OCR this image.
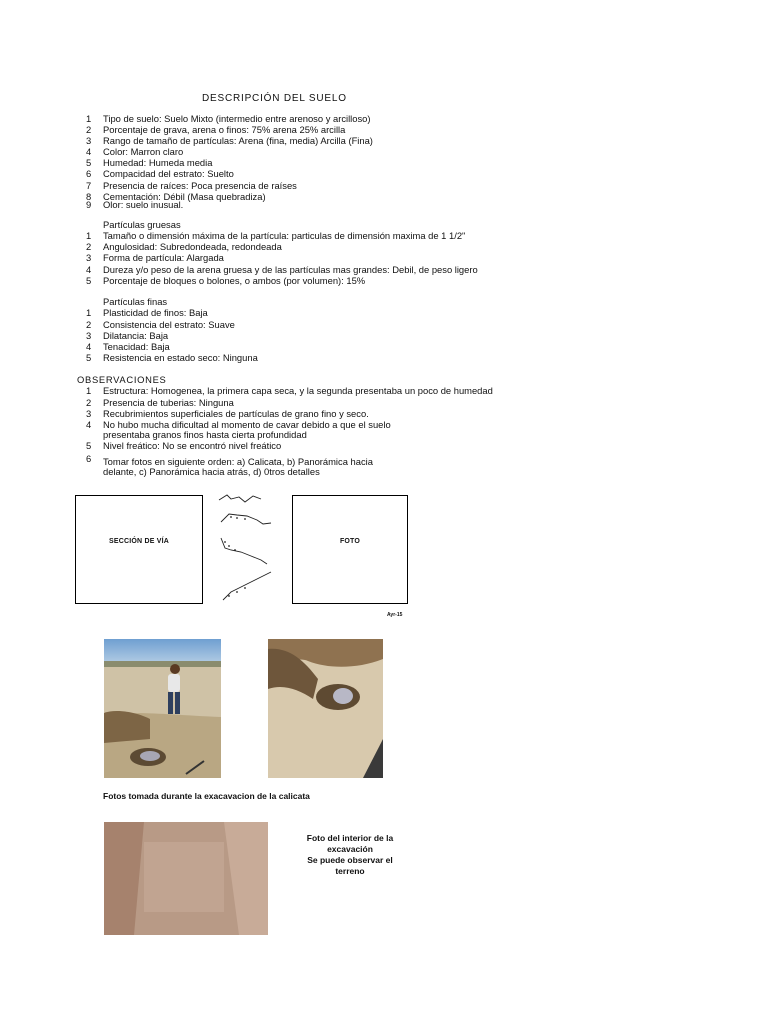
DESCRIPCIÓN DEL SUELO
1	Tipo de suelo: Suelo Mixto (intermedio entre arenoso y arcilloso)
2	Porcentaje de grava, arena o finos: 75% arena 25% arcilla
3	Rango de tamaño de partículas: Arena (fina, media) Arcilla (Fina)
4	Color: Marron claro
5	Humedad: Humeda media
6	Compacidad del estrato: Suelto
7	Presencia de raíces: Poca presencia de raíses
8	Cementación: Débil (Masa quebradiza)
9	Olor: suelo inusual.
Partículas gruesas
1	Tamaño o dimensión máxima de la partícula: particulas de dimensión maxima de 1 1/2"
2	Angulosidad: Subredondeada, redondeada
3	Forma de partícula: Alargada
4	Dureza y/o peso de la arena gruesa y de las partículas mas grandes: Debil, de peso ligero
5	Porcentaje de bloques o bolones, o ambos (por volumen): 15%
Partículas finas
1	Plasticidad de finos: Baja
2	Consistencia del estrato: Suave
3	Dilatancia: Baja
4	Tenacidad: Baja
5	Resistencia en estado seco: Ninguna
OBSERVACIONES
1	Estructura: Homogenea, la primera capa seca, y la segunda presentaba un poco de humedad
2	Presencia de tuberias: Ninguna
3	Recubrimientos superficiales de partículas de grano fino y seco.
4	No hubo mucha dificultad al momento de cavar debido a que el suelo
presentaba granos finos hasta cierta profundidad
5	Nivel freático: No se encontró nivel freático
6	Tomar fotos en siguiente orden: a) Calicata, b) Panorámica hacia
delante, c) Panorámica hacia atrás, d) 0tros detalles
SECCIÓN DE VÍA	FOTO
Ayr-15
Fotos tomada durante la exacavacion de la calicata
Foto del interior de la
excavación
Se puede observar el
terreno
